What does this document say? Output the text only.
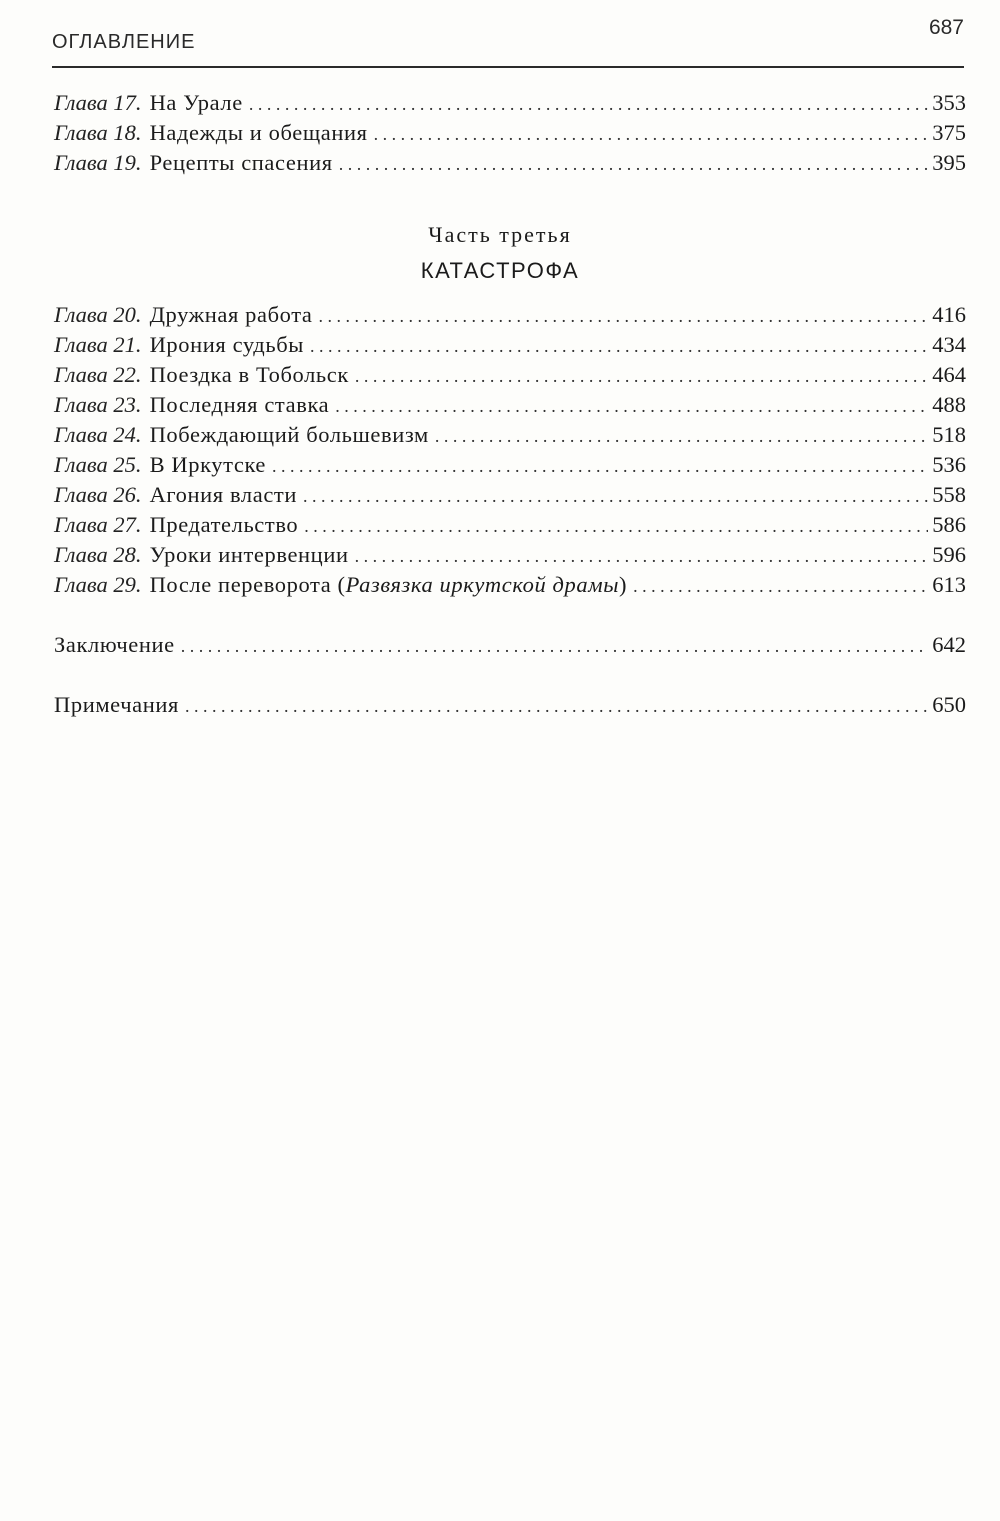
ОГЛАВЛЕНИЕ
687
Глава 17. На Урале . . .	353
Глава 18. Надежды и обещания . . .	375
Глава 19. Рецепты спасения . . .	395
Часть третья
КАТАСТРОФА
Глава 20. Дружная работа . . .	416
Глава 21. Ирония судьбы . . .	434
Глава 22. Поездка в Тобольск . . .	464
Глава 23. Последняя ставка . . .	488
Глава 24. Побеждающий большевизм . . .	518
Глава 25. В Иркутске . . .	536
Глава 26. Агония власти . . .	558
Глава 27. Предательство . . .	586
Глава 28. Уроки интервенции . . .	596
Глава 29. После переворота ( Развязка иркутской драмы ) . . .	613
Заключение . . .	642
Примечания . . .	650
